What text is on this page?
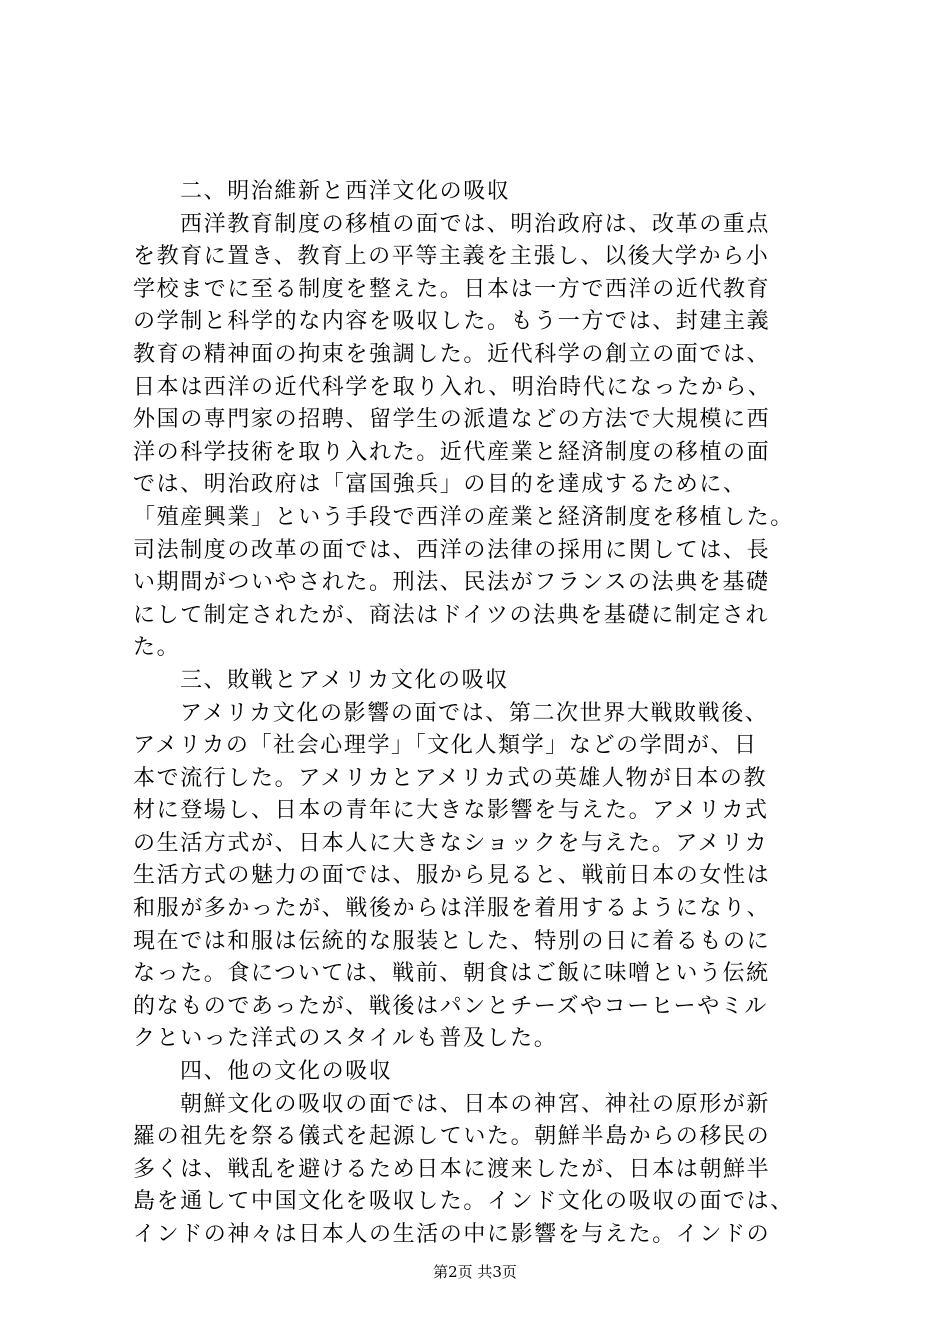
二、明治維新と西洋文化の吸収
西洋教育制度の移植の面では、明治政府は、改革の重点
を教育に置き、教育上の平等主義を主張し、以後大学から小
学校までに至る制度を整えた。日本は一方で西洋の近代教育
の学制と科学的な内容を吸収した。もう一方では、封建主義
教育の精神面の拘束を強調した。近代科学の創立の面では、
日本は西洋の近代科学を取り入れ、明治時代になったから、
外国の専門家の招聘、留学生の派遣などの方法で大規模に西
洋の科学技術を取り入れた。近代産業と経済制度の移植の面
では、明治政府は「富国強兵」の目的を達成するために、
「殖産興業」という手段で西洋の産業と経済制度を移植した。
司法制度の改革の面では、西洋の法律の採用に関しては、長
い期間がついやされた。刑法、民法がフランスの法典を基礎
にして制定されたが、商法はドイツの法典を基礎に制定され
た。
三、敗戦とアメリカ文化の吸収
アメリカ文化の影響の面では、第二次世界大戦敗戦後、
アメリカの「社会心理学」「文化人類学」などの学問が、日
本で流行した。アメリカとアメリカ式の英雄人物が日本の教
材に登場し、日本の青年に大きな影響を与えた。アメリカ式
の生活方式が、日本人に大きなショックを与えた。アメリカ
生活方式の魅力の面では、服から見ると、戦前日本の女性は
和服が多かったが、戦後からは洋服を着用するようになり、
現在では和服は伝統的な服装とした、特別の日に着るものに
なった。食については、戦前、朝食はご飯に味噌という伝統
的なものであったが、戦後はパンとチーズやコーヒーやミル
クといった洋式のスタイルも普及した。
四、他の文化の吸収
朝鮮文化の吸収の面では、日本の神宮、神社の原形が新
羅の祖先を祭る儀式を起源していた。朝鮮半島からの移民の
多くは、戦乱を避けるため日本に渡来したが、日本は朝鮮半
島を通して中国文化を吸収した。インド文化の吸収の面では、
インドの神々は日本人の生活の中に影響を与えた。インドの
第2页 共3页
